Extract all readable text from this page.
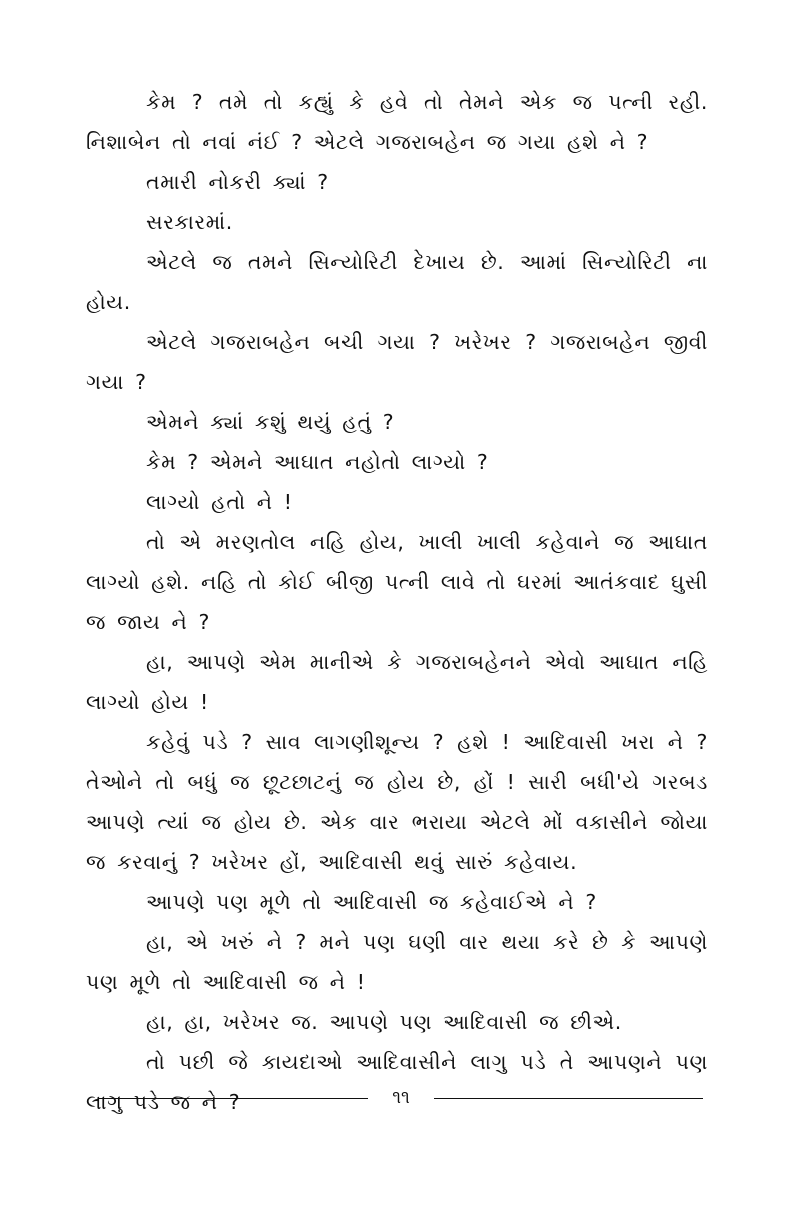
કેમ ? તમે તો કહ્યું કે હવે તો તેમને એક જ પત્ની રહી. નિશાબેન તો નવાં નંઈ ? એટલે ગજરાબહેન જ ગયા હશે ને ?

તમારી નોકરી ક્યાં ?

સરકારમાં.

એટલે જ તમને સિન્યોરિટી દેખાય છે. આમાં સિન્યોરિટી ના હોય.

એટલે ગજરાબહેન બચી ગયા ? ખરેખર ? ગજરાબહેન જીવી ગયા ?

એમને ક્યાં કશું થયું હતું ?

કેમ ? એમને આઘાત નહોતો લાગ્યો ?

લાગ્યો હતો ને !

તો એ મરણતોલ નહિ હોય, ખાલી ખાલી કહેવાને જ આઘાત લાગ્યો હશે. નહિ તો કોઈ બીજી પત્ની લાવે તો ઘરમાં આતંકવાદ ઘુસી જ જાય ને ?

હા, આપણે એમ માનીએ કે ગજરાબહેનને એવો આઘાત નહિ લાગ્યો હોય !

કહેવું પડે ? સાવ લાગણીશૂન્ય ? હશે ! આદિવાસી ખરા ને ? તેઓને તો બધું જ છૂટછાટનું જ હોય છે, હોં ! સારી બધી'યે ગરબડ આપણે ત્યાં જ હોય છે. એક વાર ભરાયા એટલે મોં વકાસીને જોયા જ કરવાનું ? ખરેખર હોં, આદિવાસી થવું સારું કહેવાય.

આપણે પણ મૂળે તો આદિવાસી જ કહેવાઈએ ને ?

હા, એ ખરું ને ? મને પણ ઘણી વાર થયા કરે છે કે આપણે પણ મૂળે તો આદિવાસી જ ને !

હા, હા, ખરેખર જ. આપણે પણ આદિવાસી જ છીએ.

તો પછી જે કાયદાઓ આદિવાસીને લાગુ પડે તે આપણને પણ લાગુ પડે જ ને ?	૧૧
